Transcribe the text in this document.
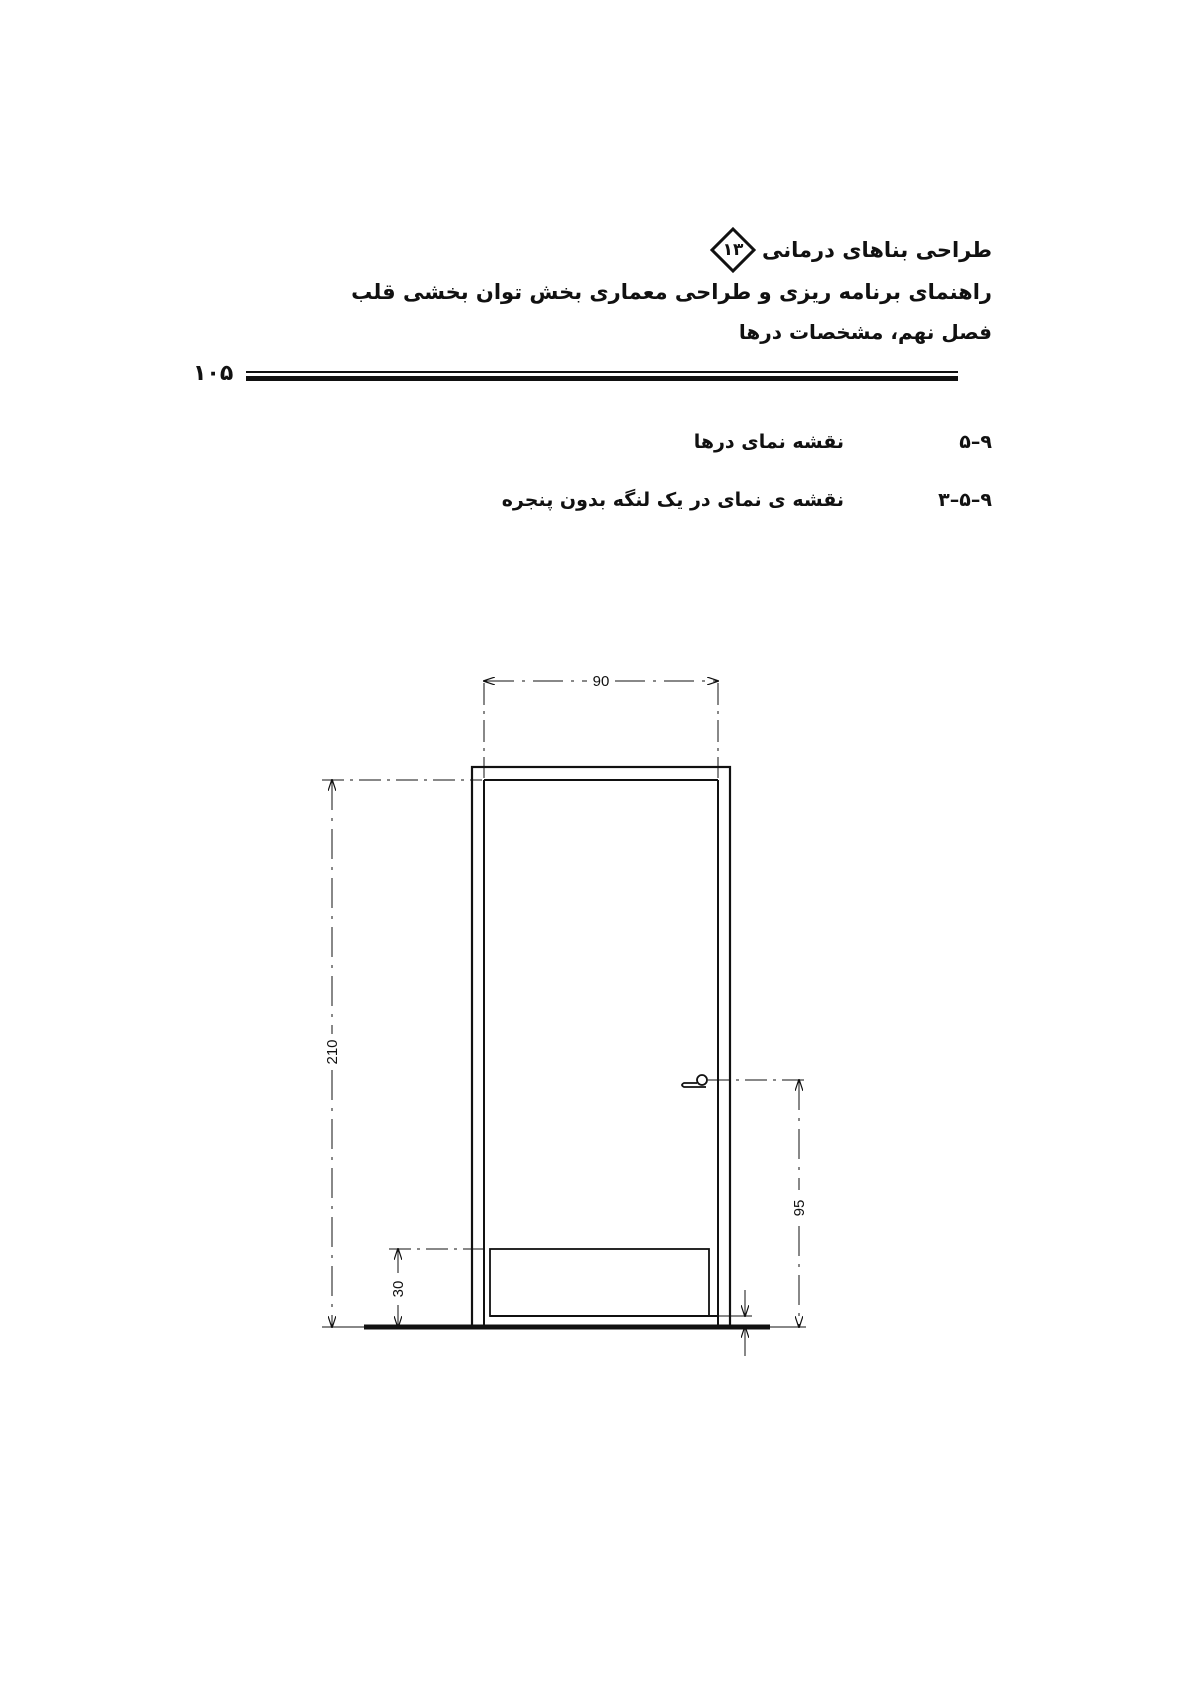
طراحی بناهای درمانی
۱۳
راهنمای برنامه ریزی و طراحی معماری بخش توان بخشی قلب
فصل نهم، مشخصات درها
۱۰۵
۹–۵
نقشه نمای درها
۹–۵–۳
نقشه ی نمای در یک لنگه بدون پنجره
90
210
30
95
